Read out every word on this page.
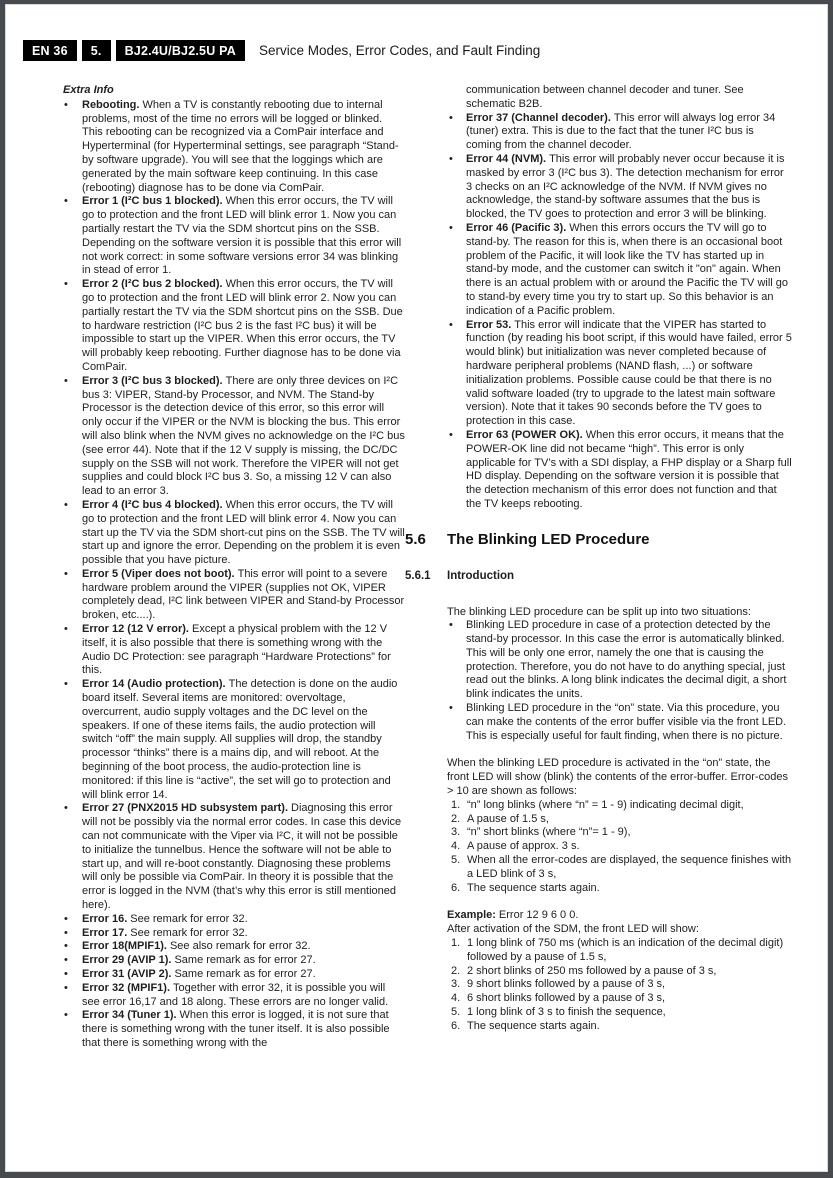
EN 36	5.	BJ2.4U/BJ2.5U PA	Service Modes, Error Codes, and Fault Finding
Extra Info
• Rebooting. When a TV is constantly rebooting due to internal problems, most of the time no errors will be logged or blinked. This rebooting can be recognized via a ComPair interface and Hyperterminal (for Hyperterminal settings, see paragraph “Stand-by software upgrade). You will see that the loggings which are generated by the main software keep continuing. In this case (rebooting) diagnose has to be done via ComPair.
• Error 1 (I²C bus 1 blocked). When this error occurs, the TV will go to protection and the front LED will blink error 1. Now you can partially restart the TV via the SDM shortcut pins on the SSB. Depending on the software version it is possible that this error will not work correct: in some software versions error 34 was blinking in stead of error 1.
• Error 2 (I²C bus 2 blocked). When this error occurs, the TV will go to protection and the front LED will blink error 2. Now you can partially restart the TV via the SDM shortcut pins on the SSB. Due to hardware restriction (I²C bus 2 is the fast I²C bus) it will be impossible to start up the VIPER. When this error occurs, the TV will probably keep rebooting. Further diagnose has to be done via ComPair.
• Error 3 (I²C bus 3 blocked). There are only three devices on I²C bus 3: VIPER, Stand-by Processor, and NVM. The Stand-by Processor is the detection device of this error, so this error will only occur if the VIPER or the NVM is blocking the bus. This error will also blink when the NVM gives no acknowledge on the I²C bus (see error 44). Note that if the 12 V supply is missing, the DC/DC supply on the SSB will not work. Therefore the VIPER will not get supplies and could block I²C bus 3. So, a missing 12 V can also lead to an error 3.
• Error 4 (I²C bus 4 blocked). When this error occurs, the TV will go to protection and the front LED will blink error 4. Now you can start up the TV via the SDM short-cut pins on the SSB. The TV will start up and ignore the error. Depending on the problem it is even possible that you have picture.
• Error 5 (Viper does not boot). This error will point to a severe hardware problem around the VIPER (supplies not OK, VIPER completely dead, I²C link between VIPER and Stand-by Processor broken, etc....).
• Error 12 (12 V error). Except a physical problem with the 12 V itself, it is also possible that there is something wrong with the Audio DC Protection: see paragraph “Hardware Protections” for this.
• Error 14 (Audio protection). The detection is done on the audio board itself. Several items are monitored: overvoltage, overcurrent, audio supply voltages and the DC level on the speakers. If one of these items fails, the audio protection will switch “off” the main supply. All supplies will drop, the standby processor “thinks” there is a mains dip, and will reboot. At the beginning of the boot process, the audio-protection line is monitored: if this line is “active”, the set will go to protection and will blink error 14.
• Error 27 (PNX2015 HD subsystem part). Diagnosing this error will not be possibly via the normal error codes. In case this device can not communicate with the Viper via I²C, it will not be possible to initialize the tunnelbus. Hence the software will not be able to start up, and will re-boot constantly. Diagnosing these problems will only be possible via ComPair. In theory it is possible that the error is logged in the NVM (that’s why this error is still mentioned here).
• Error 16. See remark for error 32.
• Error 17. See remark for error 32.
• Error 18(MPIF1). See also remark for error 32.
• Error 29 (AVIP 1). Same remark as for error 27.
• Error 31 (AVIP 2). Same remark as for error 27.
• Error 32 (MPIF1). Together with error 32, it is possible you will see error 16,17 and 18 along. These errors are no longer valid.
• Error 34 (Tuner 1). When this error is logged, it is not sure that there is something wrong with the tuner itself. It is also possible that there is something wrong with the
communication between channel decoder and tuner. See schematic B2B.
• Error 37 (Channel decoder). This error will always log error 34 (tuner) extra. This is due to the fact that the tuner I²C bus is coming from the channel decoder.
• Error 44 (NVM). This error will probably never occur because it is masked by error 3 (I²C bus 3). The detection mechanism for error 3 checks on an I²C acknowledge of the NVM. If NVM gives no acknowledge, the stand-by software assumes that the bus is blocked, the TV goes to protection and error 3 will be blinking.
• Error 46 (Pacific 3). When this errors occurs the TV will go to stand-by. The reason for this is, when there is an occasional boot problem of the Pacific, it will look like the TV has started up in stand-by mode, and the customer can switch it "on" again. When there is an actual problem with or around the Pacific the TV will go to stand-by every time you try to start up. So this behavior is an indication of a Pacific problem.
• Error 53. This error will indicate that the VIPER has started to function (by reading his boot script, if this would have failed, error 5 would blink) but initialization was never completed because of hardware peripheral problems (NAND flash, ...) or software initialization problems. Possible cause could be that there is no valid software loaded (try to upgrade to the latest main software version). Note that it takes 90 seconds before the TV goes to protection in this case.
• Error 63 (POWER OK). When this error occurs, it means that the POWER-OK line did not became “high”. This error is only applicable for TV’s with a SDI display, a FHP display or a Sharp full HD display. Depending on the software version it is possible that the detection mechanism of this error does not function and that the TV keeps rebooting.
5.6 The Blinking LED Procedure
5.6.1 Introduction
The blinking LED procedure can be split up into two situations:
• Blinking LED procedure in case of a protection detected by the stand-by processor. In this case the error is automatically blinked. This will be only one error, namely the one that is causing the protection. Therefore, you do not have to do anything special, just read out the blinks. A long blink indicates the decimal digit, a short blink indicates the units.
• Blinking LED procedure in the “on” state. Via this procedure, you can make the contents of the error buffer visible via the front LED. This is especially useful for fault finding, when there is no picture.
When the blinking LED procedure is activated in the “on” state, the front LED will show (blink) the contents of the error-buffer. Error-codes > 10 are shown as follows:
1. “n” long blinks (where “n” = 1 - 9) indicating decimal digit,
2. A pause of 1.5 s,
3. “n” short blinks (where “n”= 1 - 9),
4. A pause of approx. 3 s.
5. When all the error-codes are displayed, the sequence finishes with a LED blink of 3 s,
6. The sequence starts again.
Example: Error 12 9 6 0 0.
After activation of the SDM, the front LED will show:
1. 1 long blink of 750 ms (which is an indication of the decimal digit) followed by a pause of 1.5 s,
2. 2 short blinks of 250 ms followed by a pause of 3 s,
3. 9 short blinks followed by a pause of 3 s,
4. 6 short blinks followed by a pause of 3 s,
5. 1 long blink of 3 s to finish the sequence,
6. The sequence starts again.
